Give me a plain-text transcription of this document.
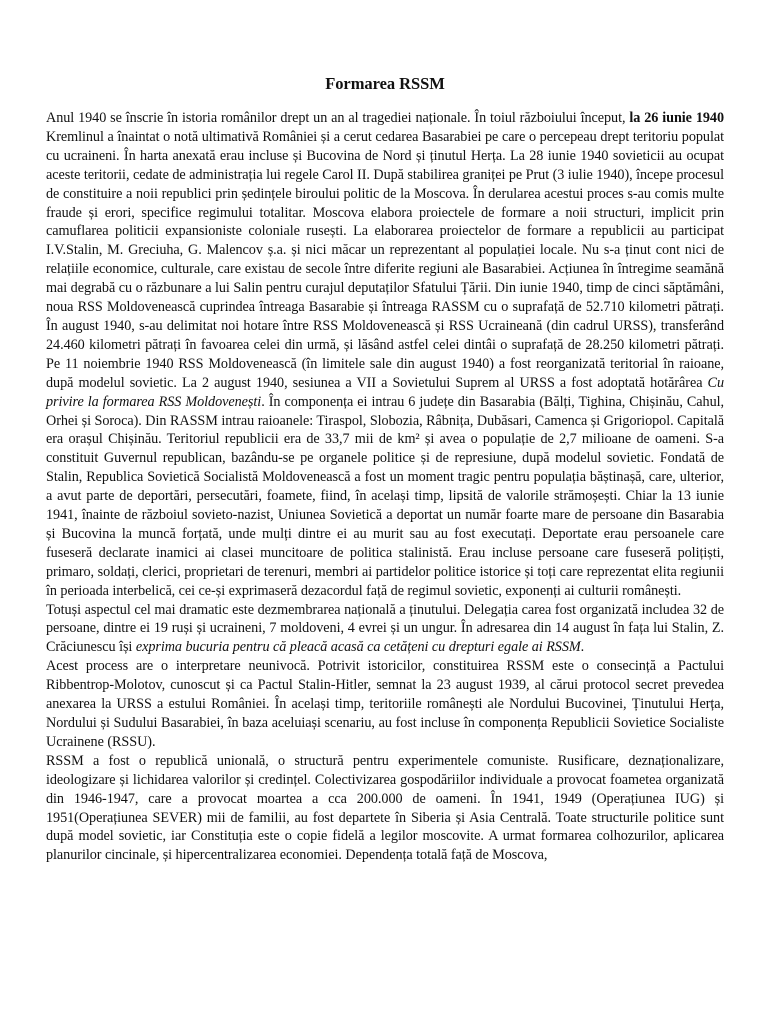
Formarea RSSM

Anul 1940 se înscrie în istoria românilor drept un an al tragediei naționale. În toiul războiului început, la 26 iunie 1940 Kremlinul a înaintat o notă ultimativă României și a cerut cedarea Basarabiei pe care o percepeau drept teritoriu populat cu ucraineni. În harta anexată erau incluse și Bucovina de Nord și ținutul Herța. La 28 iunie 1940 sovieticii au ocupat aceste teritorii, cedate de administrația lui regele Carol II. După stabilirea graniței pe Prut (3 iulie 1940), începe procesul de constituire a noii republici prin ședințele biroului politic de la Moscova. În derularea acestui proces s-au comis multe fraude și erori, specifice regimului totalitar. Moscova elabora proiectele de formare a noii structuri, implicit prin camuflarea politicii expansioniste coloniale rusești. La elaborarea proiectelor de formare a republicii au participat I.V.Stalin, M. Greciuha, G. Malencov ș.a. și nici măcar un reprezentant al populației locale. Nu s-a ținut cont nici de relațiile economice, culturale, care existau de secole între diferite regiuni ale Basarabiei. Acțiunea în întregime seamănă mai degrabă cu o răzbunare a lui Salin pentru curajul deputaților Sfatului Țării. Din iunie 1940, timp de cinci săptămâni, noua RSS Moldovenească cuprindea întreaga Basarabie și întreaga RASSM cu o suprafață de 52.710 kilometri pătrați. În august 1940, s-au delimitat noi hotare între RSS Moldovenească și RSS Ucraineană (din cadrul URSS), transferând 24.460 kilometri pătrați în favoarea celei din urmă, și lăsând astfel celei dintâi o suprafață de 28.250 kilometri pătrați. Pe 11 noiembrie 1940 RSS Moldovenească (în limitele sale din august 1940) a fost reorganizată teritorial în raioane, după modelul sovietic. La 2 august 1940, sesiunea a VII a Sovietului Suprem al URSS a fost adoptată hotărârea Cu privire la formarea RSS Moldovenești. În componența ei intrau 6 județe din Basarabia (Bălți, Tighina, Chișinău, Cahul, Orhei și Soroca). Din RASSM intrau raioanele: Tiraspol, Slobozia, Râbnița, Dubăsari, Camenca și Grigoriopol. Capitală era orașul Chișinău. Teritoriul republicii era de 33,7 mii de km² și avea o populație de 2,7 milioane de oameni. S-a constituit Guvernul republican, bazându-se pe organele politice și de represiune, după modelul sovietic. Fondată de Stalin, Republica Sovietică Socialistă Moldovenească a fost un moment tragic pentru populația băștinașă, care, ulterior, a avut parte de deportări, persecutări, foamete, fiind, în același timp, lipsită de valorile strămoșești. Chiar la 13 iunie 1941, înainte de războiul sovieto-nazist, Uniunea Sovietică a deportat un număr foarte mare de persoane din Basarabia și Bucovina la muncă forțată, unde mulți dintre ei au murit sau au fost executați. Deportate erau persoanele care fuseseră declarate inamici ai clasei muncitoare de politica stalinistă. Erau incluse persoane care fuseseră polițiști, primaro, soldați, clerici, proprietari de terenuri, membri ai partidelor politice istorice și toți care reprezentat elita regiunii în perioada interbelică, cei ce-și exprimaseră dezacordul față de regimul sovietic, exponenți ai culturii românești.

Totuși aspectul cel mai dramatic este dezmembrarea națională a ținutului. Delegația carea fost organizată includea 32 de persoane, dintre ei 19 ruși și ucraineni, 7 moldoveni, 4 evrei și un ungur. În adresarea din 14 august în fața lui Stalin, Z. Crăciunescu își exprima bucuria pentru că pleacă acasă ca cetățeni cu drepturi egale ai RSSM.

Acest process are o interpretare neunivocă. Potrivit istoricilor, constituirea RSSM este o consecință a Pactului Ribbentrop-Molotov, cunoscut și ca Pactul Stalin-Hitler, semnat la 23 august 1939, al cărui protocol secret prevedea anexarea la URSS a estului României. În același timp, teritoriile românești ale Nordului Bucovinei, Ținutului Herța, Nordului și Sudului Basarabiei, în baza aceluiași scenariu, au fost incluse în componența Republicii Sovietice Socialiste Ucrainene (RSSU).

RSSM a fost o republică unională, o structură pentru experimentele comuniste. Rusificare, deznaționalizare, ideologizare și lichidarea valorilor și credințel. Colectivizarea gospodăriilor individuale a provocat foametea organizată din 1946-1947, care a provocat moartea a cca 200.000 de oameni. În 1941, 1949 (Operațiunea IUG) și 1951(Operațiunea SEVER) mii de familii, au fost departete în Siberia și Asia Centrală. Toate structurile politice sunt după model sovietic, iar Constituția este o copie fidelă a legilor moscovite. A urmat formarea colhozurilor, aplicarea planurilor cincinale, și hipercentralizarea economiei. Dependența totală față de Moscova,
